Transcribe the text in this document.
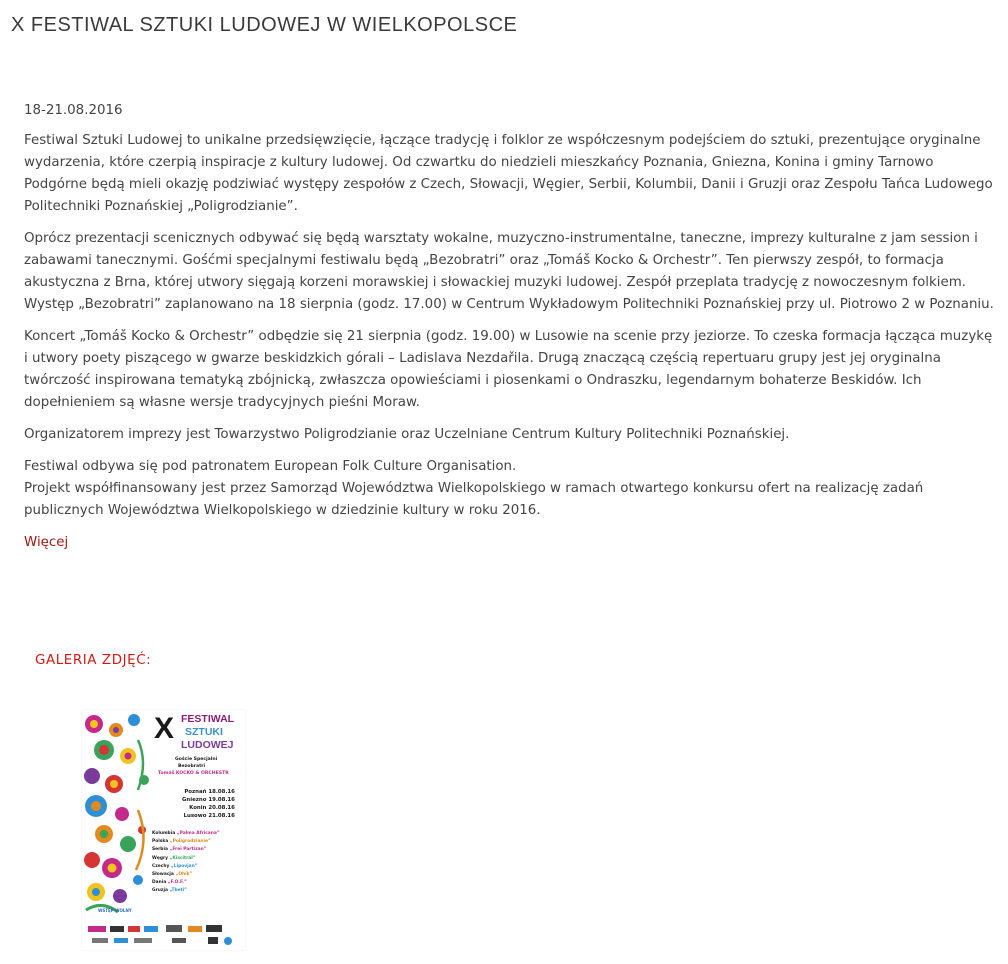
X FESTIWAL SZTUKI LUDOWEJ W WIELKOPOLSCE

18-21.08.2016

Festiwal Sztuki Ludowej to unikalne przedsięwzięcie, łączące tradycję i folklor ze współczesnym podejściem do sztuki, prezentujące oryginalne wydarzenia, które czerpią inspiracje z kultury ludowej. Od czwartku do niedzieli mieszkańcy Poznania, Gniezna, Konina i gminy Tarnowo Podgórne będą mieli okazję podziwiać występy zespołów z Czech, Słowacji, Węgier, Serbii, Kolumbii, Danii i Gruzji oraz Zespołu Tańca Ludowego Politechniki Poznańskiej „Poligrodzianie”.

Oprócz prezentacji scenicznych odbywać się będą warsztaty wokalne, muzyczno-instrumentalne, taneczne, imprezy kulturalne z jam session i zabawami tanecznymi. Gośćmi specjalnymi festiwalu będą „Bezobratri” oraz „Tomáš Kocko & Orchestr”. Ten pierwszy zespół, to formacja akustyczna z Brna, której utwory sięgają korzeni morawskiej i słowackiej muzyki ludowej. Zespół przeplata tradycję z nowoczesnym folkiem. Występ „Bezobratri” zaplanowano na 18 sierpnia (godz. 17.00) w Centrum Wykładowym Politechniki Poznańskiej przy ul. Piotrowo 2 w Poznaniu.

Koncert „Tomáš Kocko & Orchestr” odbędzie się 21 sierpnia (godz. 19.00) w Lusowie na scenie przy jeziorze. To czeska formacja łącząca muzykę i utwory poety piszącego w gwarze beskidzkich górali – Ladislava Nezdařila. Drugą znaczącą częścią repertuaru grupy jest jej oryginalna twórczość inspirowana tematyką zbójnicką, zwłaszcza opowieściami i piosenkami o Ondraszku, legendarnym bohaterze Beskidów. Ich dopełnieniem są własne wersje tradycyjnych pieśni Moraw.

Organizatorem imprezy jest Towarzystwo Poligrodzianie oraz Uczelniane Centrum Kultury Politechniki Poznańskiej.

Festiwal odbywa się pod patronatem European Folk Culture Organisation.
Projekt współfinansowany jest przez Samorząd Województwa Wielkopolskiego w ramach otwartego konkursu ofert na realizację zadań publicznych Województwa Wielkopolskiego w dziedzinie kultury w roku 2016.

Więcej
GALERIA ZDJĘĆ:
X FESTIWAL
SZTUKI
LUDOWEJ
Goście Specjalni
Bezobratri
Tomáš KOCKO & ORCHESTR
Poznań 18.08.16
Gniezno 19.08.16
Konin 20.08.16
Lusowo 21.08.16
Kolumbia „Palma Africana”
Polska „Poligrodzianie”
Serbia „Frei Partizan”
Węgry „Kiscitrál”
Czechy „Lipovjan”
Słowacja „Ohik”
Dania „F.O.F.”
Gruzja „Tbeti”
WSTĘP WOLNY
